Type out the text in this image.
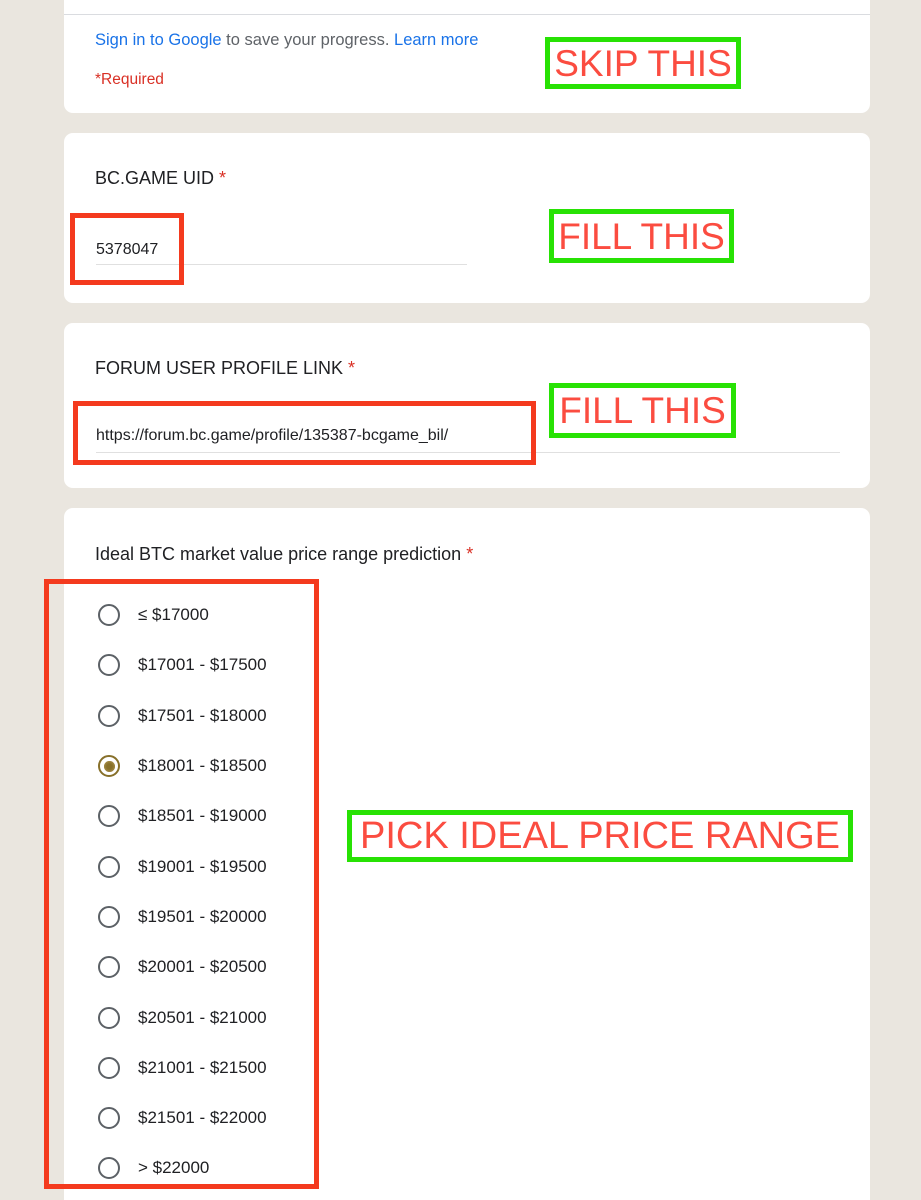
Sign in to Google to save your progress. Learn more
*Required
BC.GAME UID *
5378047
FORUM USER PROFILE LINK *
https://forum.bc.game/profile/135387-bcgame_bil/
Ideal BTC market value price range prediction *
≤ $17000
$17001 - $17500
$17501 - $18000
$18001 - $18500
$18501 - $19000
$19001 - $19500
$19501 - $20000
$20001 - $20500
$20501 - $21000
$21001 - $21500
$21501 - $22000
> $22000
SKIP THIS
FILL THIS
FILL THIS
PICK IDEAL PRICE RANGE
